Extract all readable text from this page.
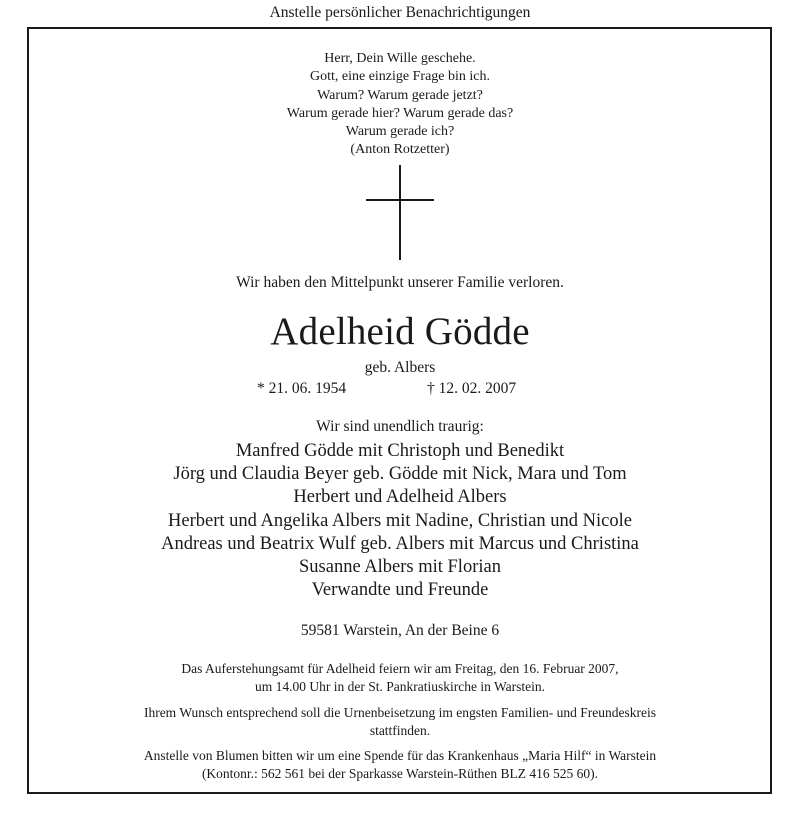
Anstelle persönlicher Benachrichtigungen
Herr, Dein Wille geschehe.
Gott, eine einzige Frage bin ich.
Warum? Warum gerade jetzt?
Warum gerade hier? Warum gerade das?
Warum gerade ich?
(Anton Rotzetter)
Wir haben den Mittelpunkt unserer Familie verloren.
Adelheid Gödde
geb. Albers
* 21. 06. 1954	† 12. 02. 2007
Wir sind unendlich traurig:
Manfred Gödde mit Christoph und Benedikt
Jörg und Claudia Beyer geb. Gödde mit Nick, Mara und Tom
Herbert und Adelheid Albers
Herbert und Angelika Albers mit Nadine, Christian und Nicole
Andreas und Beatrix Wulf geb. Albers mit Marcus und Christina
Susanne Albers mit Florian
Verwandte und Freunde
59581 Warstein, An der Beine 6
Das Auferstehungsamt für Adelheid feiern wir am Freitag, den 16. Februar 2007,
um 14.00 Uhr in der St. Pankratiuskirche in Warstein.
Ihrem Wunsch entsprechend soll die Urnenbeisetzung im engsten Familien- und Freundeskreis
stattfinden.
Anstelle von Blumen bitten wir um eine Spende für das Krankenhaus „Maria Hilf“ in Warstein
(Kontonr.: 562 561 bei der Sparkasse Warstein-Rüthen BLZ 416 525 60).
